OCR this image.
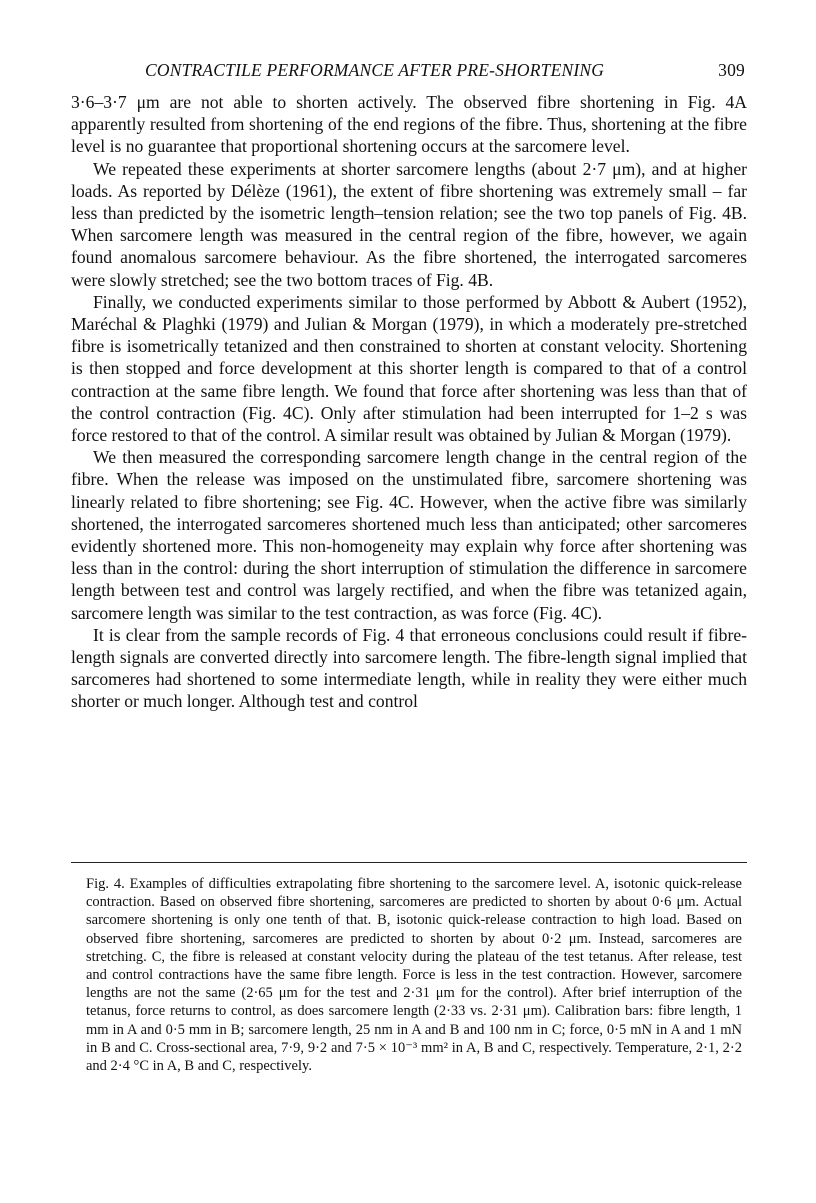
CONTRACTILE PERFORMANCE AFTER PRE-SHORTENING	309

3·6–3·7 μm are not able to shorten actively. The observed fibre shortening in Fig. 4A apparently resulted from shortening of the end regions of the fibre. Thus, shortening at the fibre level is no guarantee that proportional shortening occurs at the sarcomere level.

We repeated these experiments at shorter sarcomere lengths (about 2·7 μm), and at higher loads. As reported by Délèze (1961), the extent of fibre shortening was extremely small – far less than predicted by the isometric length–tension relation; see the two top panels of Fig. 4B. When sarcomere length was measured in the central region of the fibre, however, we again found anomalous sarcomere behaviour. As the fibre shortened, the interrogated sarcomeres were slowly stretched; see the two bottom traces of Fig. 4B.

Finally, we conducted experiments similar to those performed by Abbott & Aubert (1952), Maréchal & Plaghki (1979) and Julian & Morgan (1979), in which a moderately pre-stretched fibre is isometrically tetanized and then constrained to shorten at constant velocity. Shortening is then stopped and force development at this shorter length is compared to that of a control contraction at the same fibre length. We found that force after shortening was less than that of the control contraction (Fig. 4C). Only after stimulation had been interrupted for 1–2 s was force restored to that of the control. A similar result was obtained by Julian & Morgan (1979).

We then measured the corresponding sarcomere length change in the central region of the fibre. When the release was imposed on the unstimulated fibre, sarcomere shortening was linearly related to fibre shortening; see Fig. 4C. However, when the active fibre was similarly shortened, the interrogated sarcomeres shortened much less than anticipated; other sarcomeres evidently shortened more. This non-homogeneity may explain why force after shortening was less than in the control: during the short interruption of stimulation the difference in sarcomere length between test and control was largely rectified, and when the fibre was tetanized again, sarcomere length was similar to the test contraction, as was force (Fig. 4C).

It is clear from the sample records of Fig. 4 that erroneous conclusions could result if fibre-length signals are converted directly into sarcomere length. The fibre-length signal implied that sarcomeres had shortened to some intermediate length, while in reality they were either much shorter or much longer. Although test and control

Fig. 4. Examples of difficulties extrapolating fibre shortening to the sarcomere level. A, isotonic quick-release contraction. Based on observed fibre shortening, sarcomeres are predicted to shorten by about 0·6 μm. Actual sarcomere shortening is only one tenth of that. B, isotonic quick-release contraction to high load. Based on observed fibre shortening, sarcomeres are predicted to shorten by about 0·2 μm. Instead, sarcomeres are stretching. C, the fibre is released at constant velocity during the plateau of the test tetanus. After release, test and control contractions have the same fibre length. Force is less in the test contraction. However, sarcomere lengths are not the same (2·65 μm for the test and 2·31 μm for the control). After brief interruption of the tetanus, force returns to control, as does sarcomere length (2·33 vs. 2·31 μm). Calibration bars: fibre length, 1 mm in A and 0·5 mm in B; sarcomere length, 25 nm in A and B and 100 nm in C; force, 0·5 mN in A and 1 mN in B and C. Cross-sectional area, 7·9, 9·2 and 7·5 × 10⁻³ mm² in A, B and C, respectively. Temperature, 2·1, 2·2 and 2·4 °C in A, B and C, respectively.
